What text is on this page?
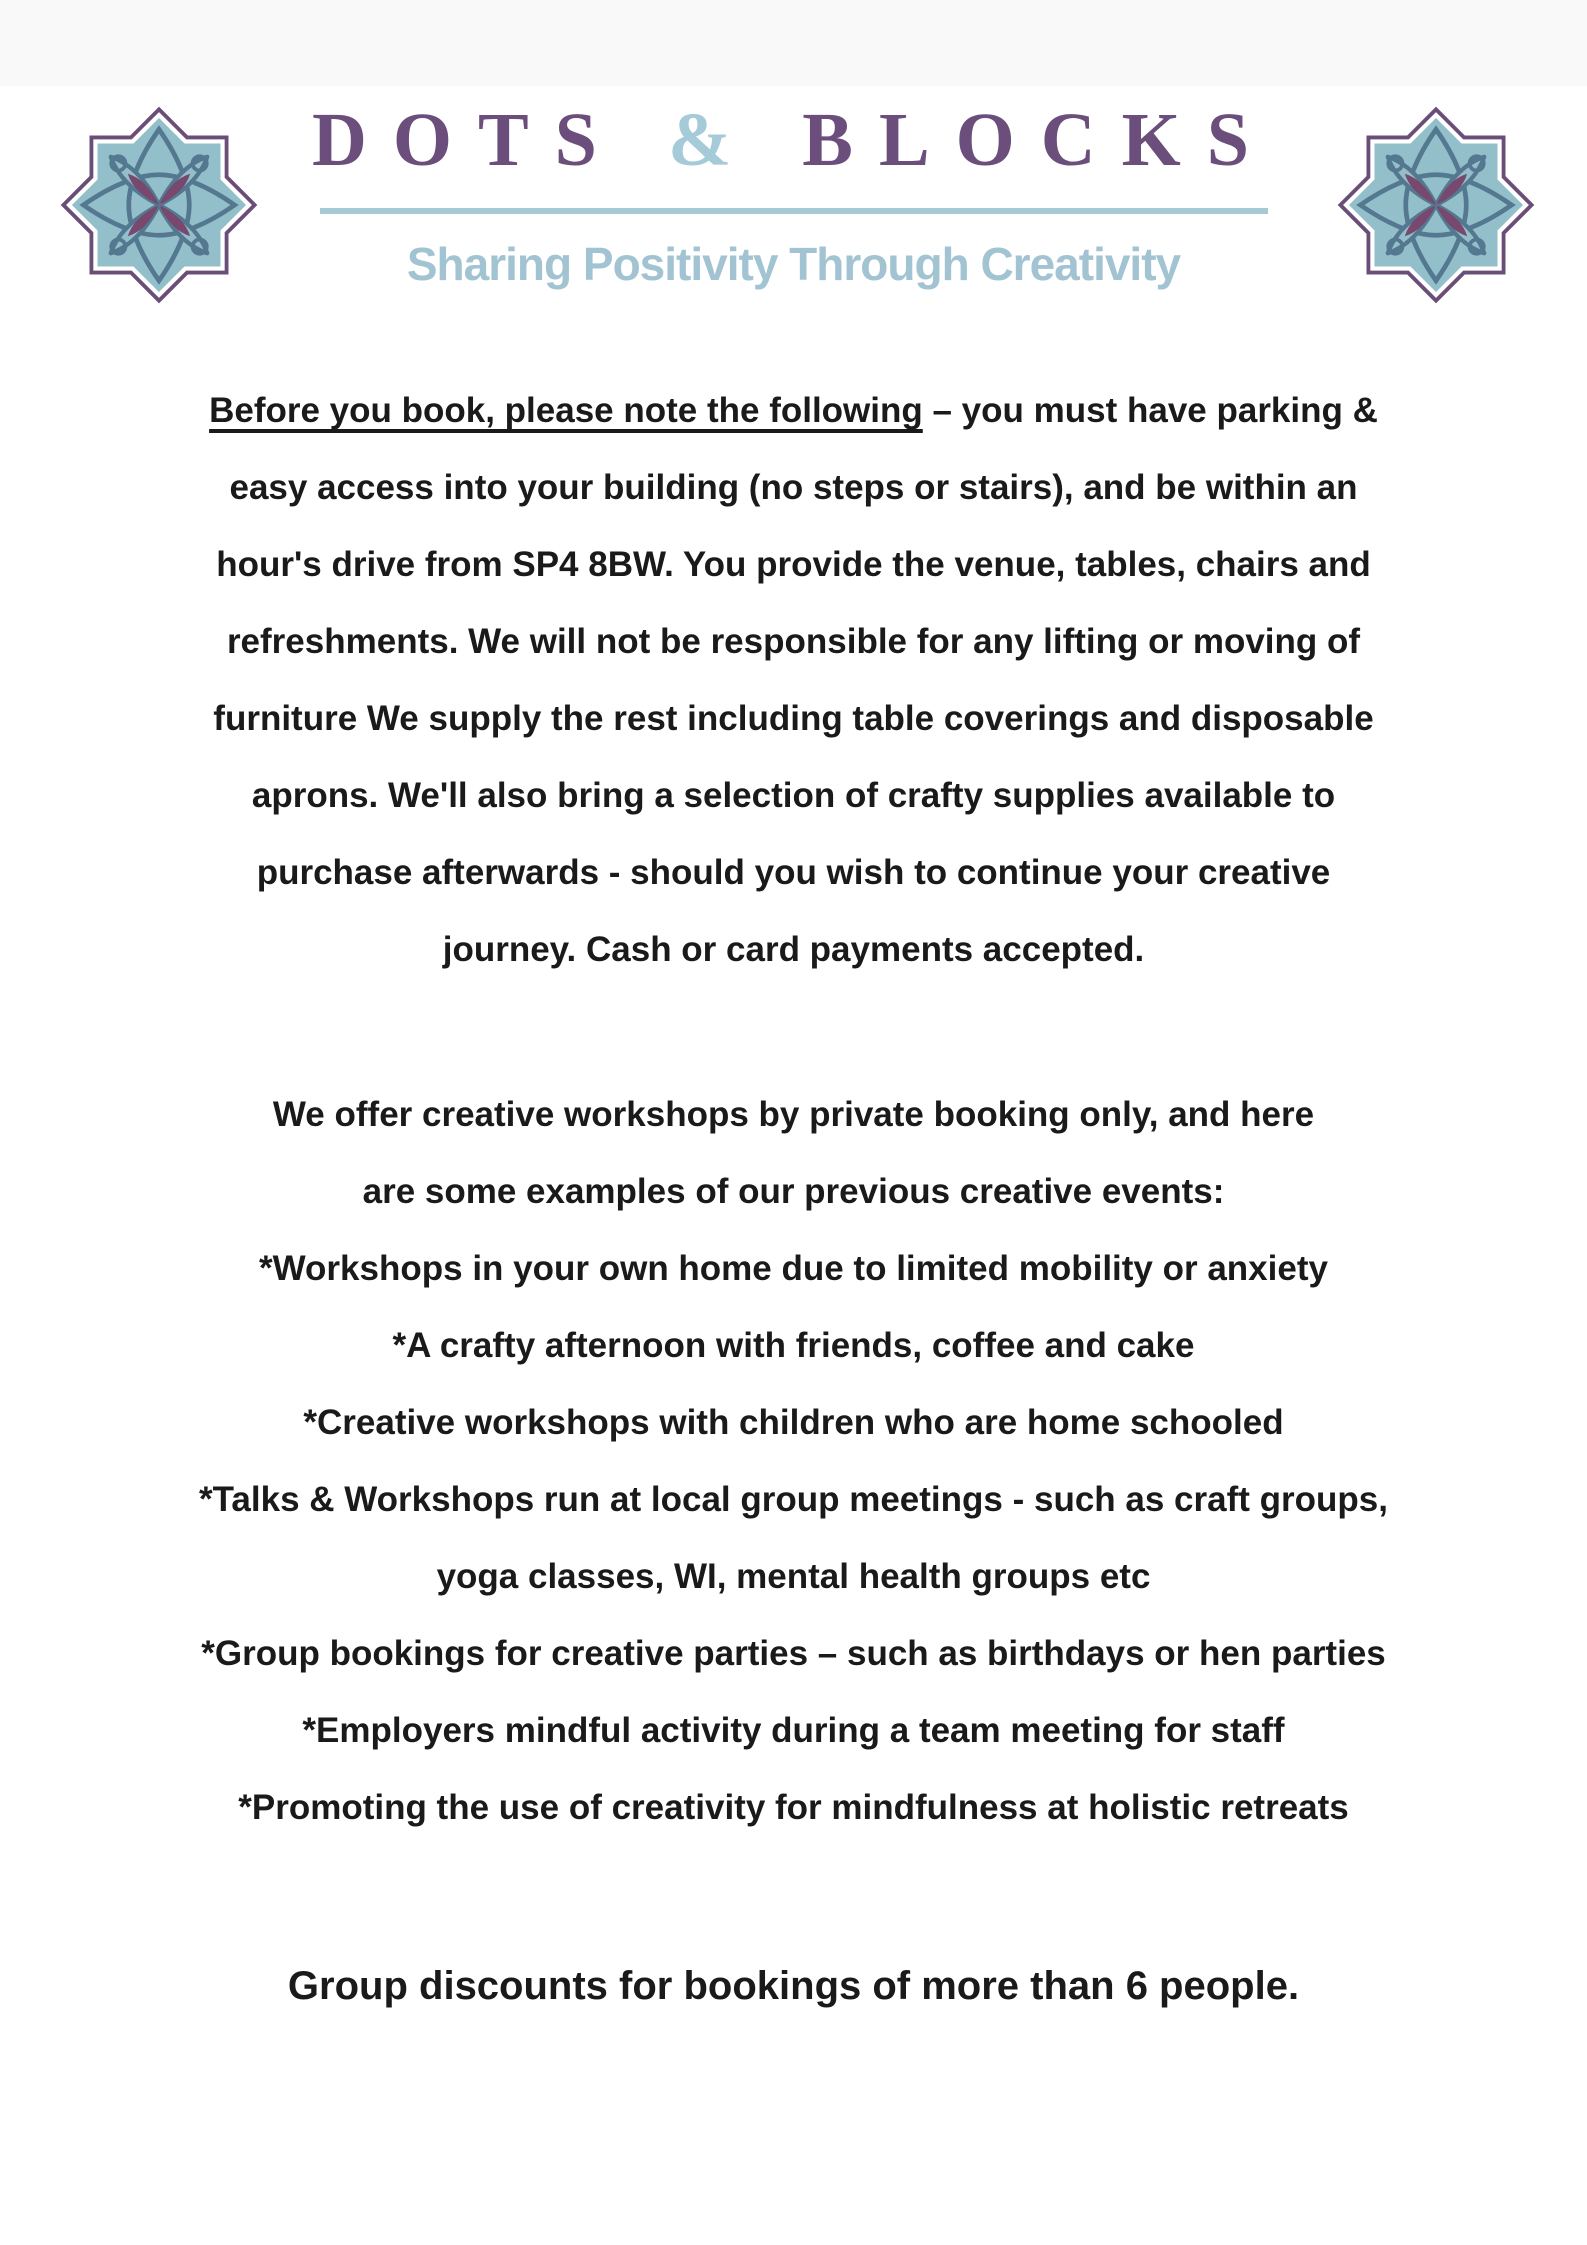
DOTS & BLOCKS
Sharing Positivity Through Creativity
Before you book, please note the following – you must have parking &
easy access into your building (no steps or stairs), and be within an
hour's drive from SP4 8BW. You provide the venue, tables, chairs and
refreshments. We will not be responsible for any lifting or moving of
furniture We supply the rest including table coverings and disposable
aprons. We'll also bring a selection of crafty supplies available to
purchase afterwards - should you wish to continue your creative
journey. Cash or card payments accepted.
We offer creative workshops by private booking only, and here
are some examples of our previous creative events:
*Workshops in your own home due to limited mobility or anxiety
*A crafty afternoon with friends, coffee and cake
*Creative workshops with children who are home schooled
*Talks & Workshops run at local group meetings - such as craft groups,
yoga classes, WI, mental health groups etc
*Group bookings for creative parties – such as birthdays or hen parties
*Employers mindful activity during a team meeting for staff
*Promoting the use of creativity for mindfulness at holistic retreats
Group discounts for bookings of more than 6 people.
